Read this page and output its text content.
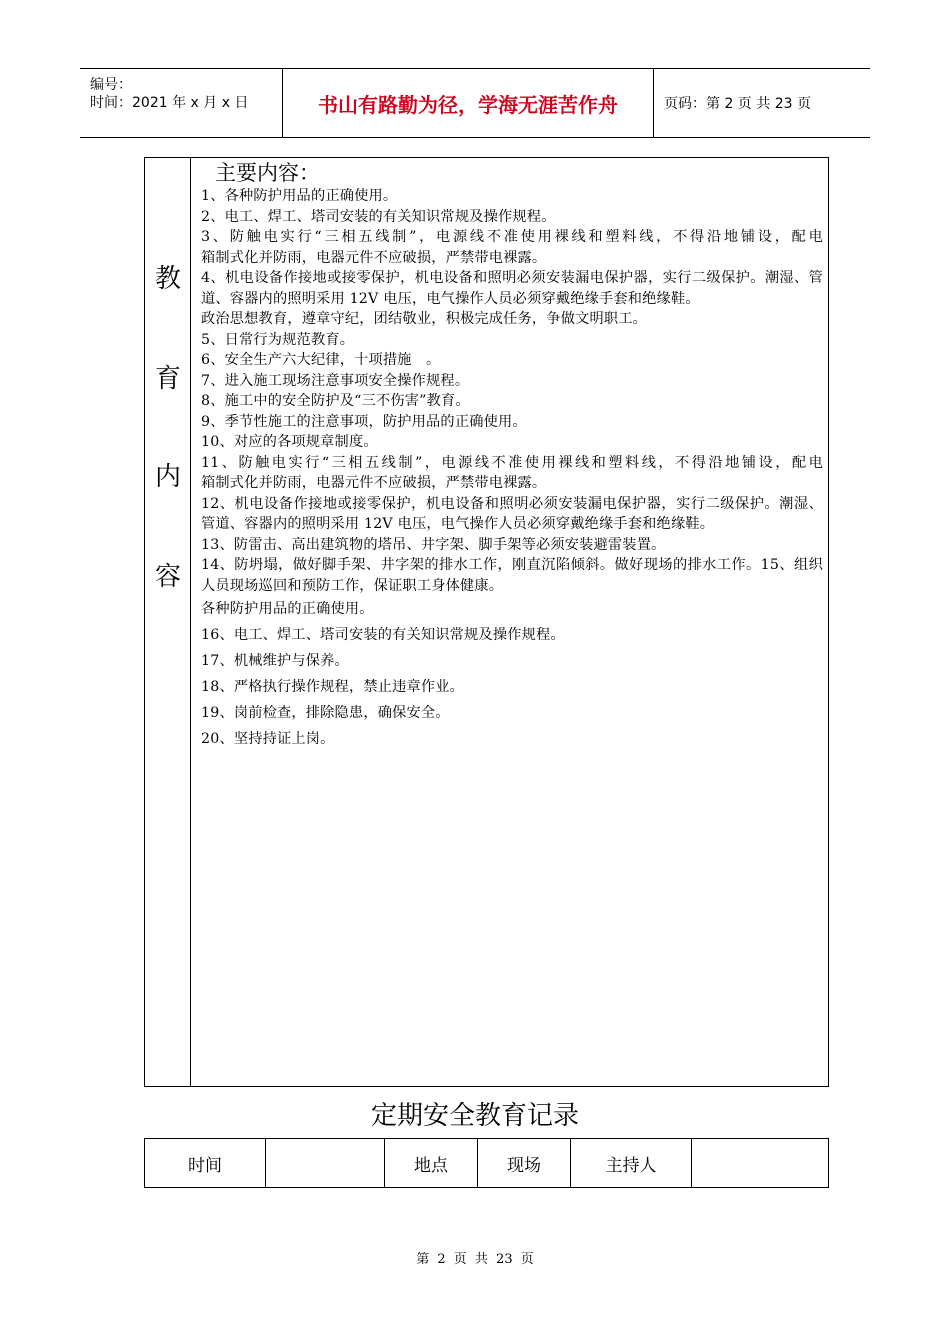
编号：
时间：2021 年 x 月 x 日	书山有路勤为径，学海无涯苦作舟	页码：第 2 页 共 23 页
教
育
内
容
主要内容：

1、各种防护用品的正确使用。

2、电工、焊工、塔司安装的有关知识常规及操作规程。

3、防触电实行“三相五线制”，电源线不准使用裸线和塑料线，不得沿地铺设，配电　　　　　　箱制式化并防雨，电器元件不应破损，严禁带电裸露。

4、机电设备作接地或接零保护，机电设备和照明必须安装漏电保护器，实行二级保护。潮湿、管道、容器内的照明采用 12V 电压，电气操作人员必须穿戴绝缘手套和绝缘鞋。

政治思想教育，遵章守纪，团结敬业，积极完成任务，争做文明职工。

5、日常行为规范教育。

6、安全生产六大纪律，十项措施　。

7、进入施工现场注意事项安全操作规程。

8、施工中的安全防护及“三不伤害”教育。

9、季节性施工的注意事项，防护用品的正确使用。

10、对应的各项规章制度。

11、防触电实行“三相五线制”，电源线不准使用裸线和塑料线，不得沿地铺设，配电　　　　　　箱制式化并防雨，电器元件不应破损，严禁带电裸露。

12、机电设备作接地或接零保护，机电设备和照明必须安装漏电保护器，实行二级保护。潮湿、管道、容器内的照明采用 12V 电压，电气操作人员必须穿戴绝缘手套和绝缘鞋。

13、防雷击、高出建筑物的塔吊、井字架、脚手架等必须安装避雷装置。

14、防坍塌，做好脚手架、井字架的排水工作，刚直沉陷倾斜。做好现场的排水工作。15、组织人员现场巡回和预防工作，保证职工身体健康。

各种防护用品的正确使用。

16、电工、焊工、塔司安装的有关知识常规及操作规程。

17、机械维护与保养。

18、严格执行操作规程，禁止违章作业。

19、岗前检查，排除隐患，确保安全。

20、坚持持证上岗。

定期安全教育记录
时间		地点	现场	主持人	
第 2 页 共 23 页
